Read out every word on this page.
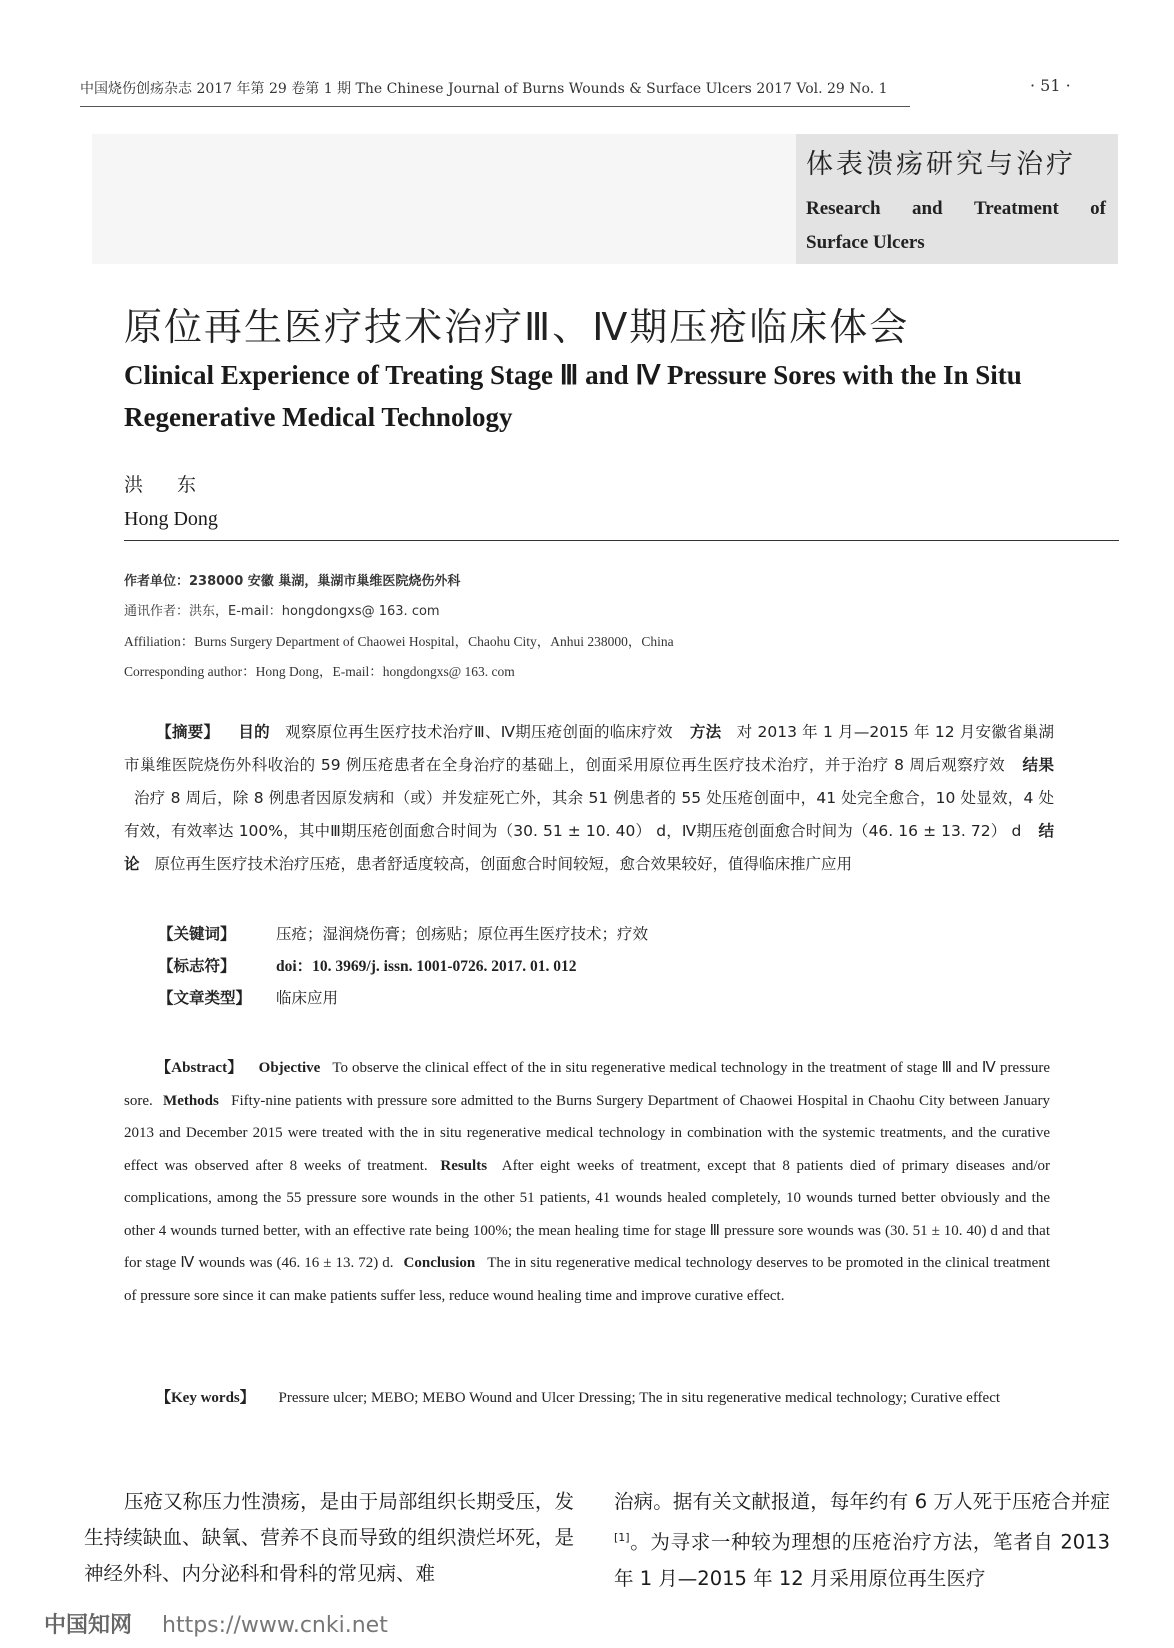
中国烧伤创疡杂志 2017 年第 29 卷第 1 期 The Chinese Journal of Burns Wounds & Surface Ulcers 2017 Vol. 29 No. 1	· 51 ·
体表溃疡研究与治疗
Research and Treatment of
Surface Ulcers
原位再生医疗技术治疗Ⅲ、Ⅳ期压疮临床体会
Clinical Experience of Treating Stage Ⅲ and Ⅳ Pressure Sores with the In Situ Regenerative Medical Technology
洪 东
Hong Dong
作者单位：238000 安徽 巢湖，巢湖市巢维医院烧伤外科
通讯作者：洪东，E-mail：hongdongxs@ 163. com
Affiliation：Burns Surgery Department of Chaowei Hospital，Chaohu City，Anhui 238000，China
Corresponding author：Hong Dong，E-mail：hongdongxs@ 163. com
【摘要】 目的 观察原位再生医疗技术治疗Ⅲ、Ⅳ期压疮创面的临床疗效 方法 对 2013 年 1 月—2015 年 12 月安徽省巢湖市巢维医院烧伤外科收治的 59 例压疮患者在全身治疗的基础上，创面采用原位再生医疗技术治疗，并于治疗 8 周后观察疗效 结果 治疗 8 周后，除 8 例患者因原发病和（或）并发症死亡外，其余 51 例患者的 55 处压疮创面中，41 处完全愈合，10 处显效，4 处有效，有效率达 100%，其中Ⅲ期压疮创面愈合时间为（30. 51 ± 10. 40） d，Ⅳ期压疮创面愈合时间为（46. 16 ± 13. 72） d 结论 原位再生医疗技术治疗压疮，患者舒适度较高，创面愈合时间较短，愈合效果较好，值得临床推广应用
【关键词】	压疮；湿润烧伤膏；创疡贴；原位再生医疗技术；疗效
【标志符】	doi：10. 3969/j. issn. 1001-0726. 2017. 01. 012
【文章类型】 临床应用
【Abstract】 Objective To observe the clinical effect of the in situ regenerative medical technology in the treatment of stage Ⅲ and Ⅳ pressure sore. Methods Fifty-nine patients with pressure sore admitted to the Burns Surgery Department of Chaowei Hospital in Chaohu City between January 2013 and December 2015 were treated with the in situ regenerative medical technology in combination with the systemic treatments, and the curative effect was observed after 8 weeks of treatment. Results After eight weeks of treatment, except that 8 patients died of primary diseases and/or complications, among the 55 pressure sore wounds in the other 51 patients, 41 wounds healed completely, 10 wounds turned better obviously and the other 4 wounds turned better, with an effective rate being 100%; the mean healing time for stage Ⅲ pressure sore wounds was (30. 51 ± 10. 40) d and that for stage Ⅳ wounds was (46. 16 ± 13. 72) d. Conclusion The in situ regenerative medical technology deserves to be promoted in the clinical treatment of pressure sore since it can make patients suffer less, reduce wound healing time and improve curative effect.
【Key words】 Pressure ulcer; MEBO; MEBO Wound and Ulcer Dressing; The in situ regenerative medical technology; Curative effect
压疮又称压力性溃疡，是由于局部组织长期受压，发生持续缺血、缺氧、营养不良而导致的组织溃烂坏死，是神经外科、内分泌科和骨科的常见病、难
治病。据有关文献报道，每年约有 6 万人死于压疮合并症[1]。为寻求一种较为理想的压疮治疗方法，笔者自 2013 年 1 月—2015 年 12 月采用原位再生医疗
中国知网 https://www.cnki.net
